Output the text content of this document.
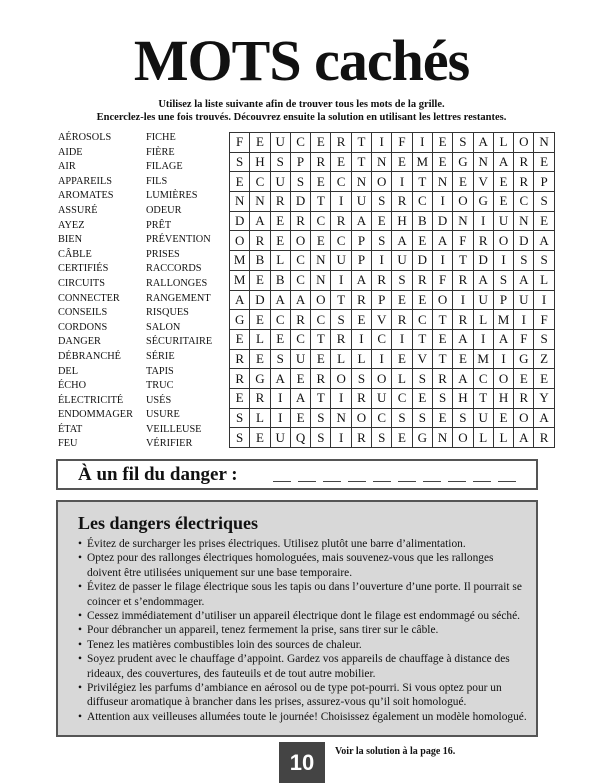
MOTS cachés
Utilisez la liste suivante afin de trouver tous les mots de la grille.
Encerclez-les une fois trouvés. Découvrez ensuite la solution en utilisant les lettres restantes.
AÉROSOLS
AIDE
AIR
APPAREILS
AROMATES
ASSURÉ
AYEZ
BIEN
CÂBLE
CERTIFIÉS
CIRCUITS
CONNECTER
CONSEILS
CORDONS
DANGER
DÉBRANCHÉ
DEL
ÉCHO
ÉLECTRICITÉ
ENDOMMAGER
ÉTAT
FEU
FICHE
FIÈRE
FILAGE
FILS
LUMIÈRES
ODEUR
PRÊT
PRÉVENTION
PRISES
RACCORDS
RALLONGES
RANGEMENT
RISQUES
SALON
SÉCURITAIRE
SÉRIE
TAPIS
TRUC
USÉS
USURE
VEILLEUSE
VÉRIFIER
F	E	U	C	E	R	T	I	F	I	E	S	A	L	O	N
S	H	S	P	R	E	T	N	E	M	E	G	N	A	R	E
E	C	U	S	E	C	N	O	I	T	N	E	V	E	R	P
N	N	R	D	T	I	U	S	R	C	I	O	G	E	C	S
D	A	E	R	C	R	A	E	H	B	D	N	I	U	N	E
O	R	E	O	E	C	P	S	A	E	A	F	R	O	D	A
M	B	L	C	N	U	P	I	U	D	I	T	D	I	S	S
M	E	B	C	N	I	A	R	S	R	F	R	A	S	A	L
A	D	A	A	O	T	R	P	E	E	O	I	U	P	U	I
G	E	C	R	C	S	E	V	R	C	T	R	L	M	I	F
E	L	E	C	T	R	I	C	I	T	E	A	I	A	F	S
R	E	S	U	E	L	L	I	E	V	T	E	M	I	G	Z
R	G	A	E	R	O	S	O	L	S	R	A	C	O	E	E
E	R	I	A	T	I	R	U	C	E	S	H	T	H	R	Y
S	L	I	E	S	N	O	C	S	S	E	S	U	E	O	A
S	E	U	Q	S	I	R	S	E	G	N	O	L	L	A	R
À un fil du danger :
Les dangers électriques
• Évitez de surcharger les prises électriques. Utilisez plutôt une barre d’alimentation.
• Optez pour des rallonges électriques homologuées, mais souvenez-vous que les rallonges doivent être utilisées uniquement sur une base temporaire.
• Évitez de passer le filage électrique sous les tapis ou dans l’ouverture d’une porte. Il pourrait se coincer et s’endommager.
• Cessez immédiatement d’utiliser un appareil électrique dont le filage est endommagé ou séché.
• Pour débrancher un appareil, tenez fermement la prise, sans tirer sur le câble.
• Tenez les matières combustibles loin des sources de chaleur.
• Soyez prudent avec le chauffage d’appoint. Gardez vos appareils de chauffage à distance des rideaux, des couvertures, des fauteuils et de tout autre mobilier.
• Privilégiez les parfums d’ambiance en aérosol ou de type pot-pourri. Si vous optez pour un diffuseur aromatique à brancher dans les prises, assurez-vous qu’il soit homologué.
• Attention aux veilleuses allumées toute le journée! Choisissez également un modèle homologué.
10	Voir la solution à la page 16.
